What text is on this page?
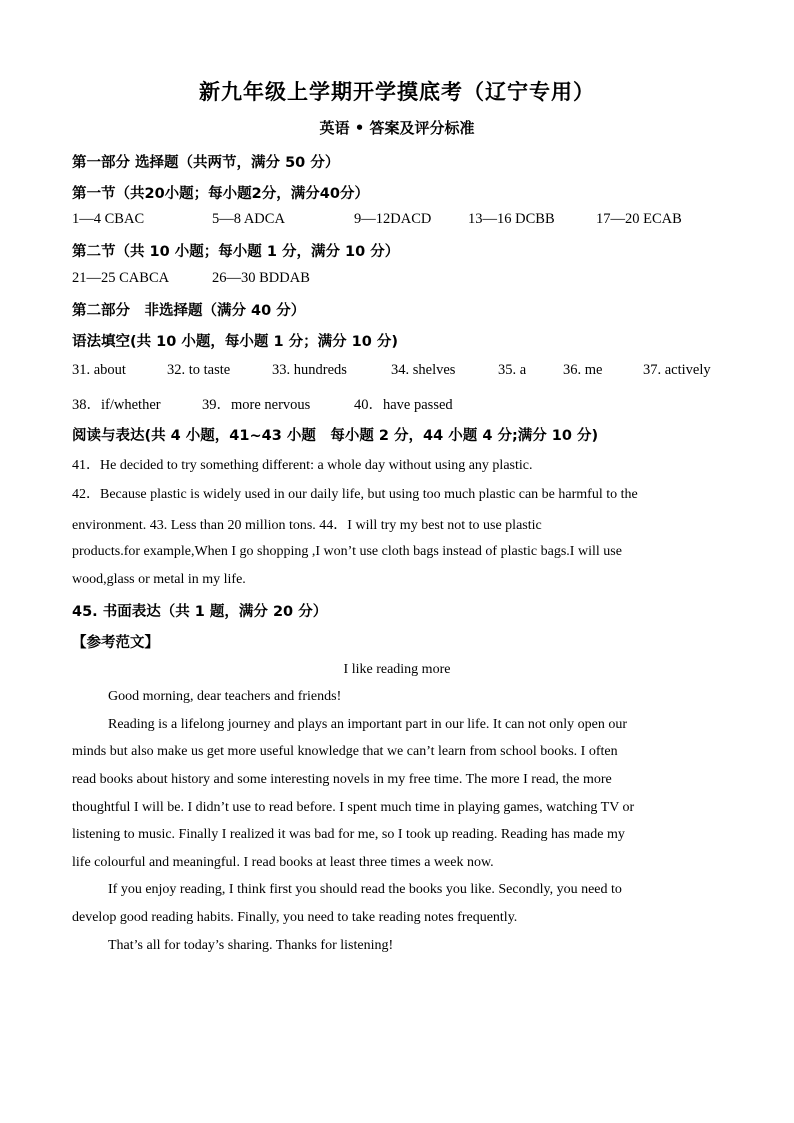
新九年级上学期开学摸底考（辽宁专用）
英语 • 答案及评分标准
第一部分 选择题（共两节，满分 50 分）
第一节（共20小题；每小题2分，满分40分）
1—4 CBAC	5—8 ADCA	9—12DACD	13—16 DCBB	17—20 ECAB
第二节（共 10 小题；每小题 1 分，满分 10 分）
21—25 CABCA	26—30 BDDAB
第二部分　非选择题（满分 40 分）
语法填空(共 10 小题，每小题 1 分；满分 10 分)
31. about	32. to taste	33. hundreds	34. shelves	35. a	36. me	37. actively
38．if/whether	39．more nervous	40．have passed
阅读与表达(共 4 小题，41~43 小题　每小题 2 分，44 小题 4 分;满分 10 分)
41．He decided to try something different: a whole day without using any plastic.
42．Because plastic is widely used in our daily life, but using too much plastic can be harmful to the
environment. 43. Less than 20 million tons. 44．I will try my best not to use plastic
products.for example,When I go shopping ,I won’t use cloth bags instead of plastic bags.I will use
wood,glass or metal in my life.
45. 书面表达（共 1 题，满分 20 分）
【参考范文】
I like reading more
Good morning, dear teachers and friends!
Reading is a lifelong journey and plays an important part in our life. It can not only open our
minds but also make us get more useful knowledge that we can’t learn from school books. I often
read books about history and some interesting novels in my free time. The more I read, the more
thoughtful I will be. I didn’t use to read before. I spent much time in playing games, watching TV or
listening to music. Finally I realized it was bad for me, so I took up reading. Reading has made my
life colourful and meaningful. I read books at least three times a week now.
If you enjoy reading, I think first you should read the books you like. Secondly, you need to
develop good reading habits. Finally, you need to take reading notes frequently.
That’s all for today’s sharing. Thanks for listening!
